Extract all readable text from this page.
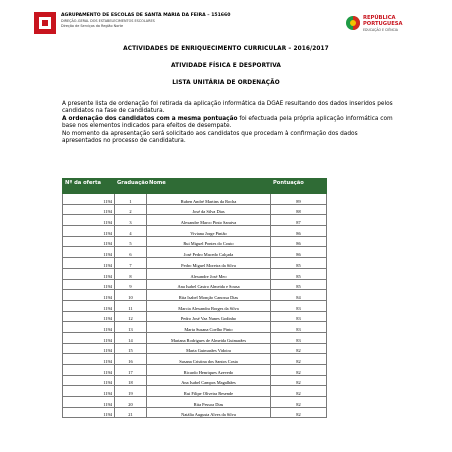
AGRUPAMENTO DE ESCOLAS DE SANTA MARIA DA FEIRA – 151660
DIREÇÃO-GERAL DOS ESTABELECIMENTOS ESCOLARES
Direção de Serviços da Região Norte
REPÚBLICA
PORTUGUESA
EDUCAÇÃO E CIÊNCIA
ACTIVIDADES DE ENRIQUECIMENTO CURRICULAR – 2016/2017
ATIVIDADE FÍSICA E DESPORTIVA
LISTA UNITÁRIA DE ORDENAÇÃO

A presente lista de ordenação foi retirada da aplicação informática da DGAE resultando dos dados inseridos pelos candidatos na fase de candidatura.

A ordenação dos candidatos com a mesma pontuação foi efectuada pela própria aplicação informática com base nos elementos indicados para efeitos de desempate.

No momento da apresentação será solicitado aos candidatos que procedam à confirmação dos dados apresentados no processo de candidatura.

Nº da oferta	Graduação	Nome	Pontuação
1194	1	Ruben André Martins da Rocha	89
1194	2	José da Silva Dias	88
1194	3	Alexandre Marco Pinto Saraiva	87
1194	4	Viviana Jorge Pintão	86
1194	5	Rui Miguel Pontes do Couto	86
1194	6	José Pedro Macedo Calçada	86
1194	7	Pedro Miguel Moreira da Silva	85
1194	8	Alexandre José Meo	85
1194	9	Ana Isabel Castro Almeida e Sousa	85
1194	10	Rita Isabel Monção Canossa Dias	84
1194	11	Marcia Alexandra Borges da Silva	83
1194	12	Pedro José Vaz Nunes Godinho	83
1194	13	Marta Susana Coelho Pinto	83
1194	14	Mariana Rodrigues de Almeida Guimarães	83
1194	15	Marta Guimarães Vidoira	82
1194	16	Susana Cristina dos Santos Costa	82
1194	17	Ricardo Henriques Azevedo	82
1194	18	Ana Isabel Campos Magalhães	82
1194	19	Rui Filipe Oliveira Resende	82
1194	20	Rita Pessoa Dias	82
1194	21	Natália Augusta Alves da Silva	82
